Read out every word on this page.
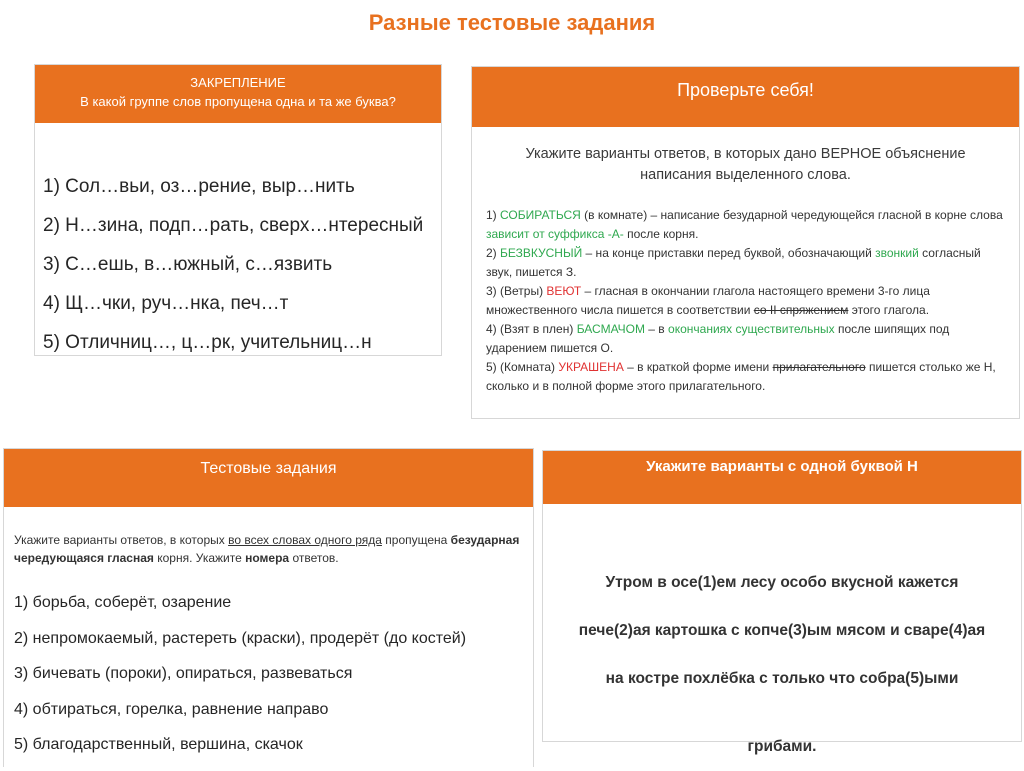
Разные тестовые задания
ЗАКРЕПЛЕНИЕ
В какой группе слов пропущена одна и та же буква?
1) Сол…вьи, оз…рение, выр…нить
2) Н…зина, подп…рать, сверх…нтересный
3) С…ешь, в…южный, с…язвить
4) Щ…чки, руч…нка, печ…т
5) Отличниц…, ц…рк, учительниц…н
Проверьте себя!

Укажите варианты ответов, в которых дано ВЕРНОЕ объяснение
написания выделенного слова.

1) СОБИРАТЬСЯ (в комнате) – написание безударной чередующейся гласной в корне слова зависит от суффикса -А- после корня.

2) БЕЗВКУСНЫЙ – на конце приставки перед буквой, обозначающий звонкий согласный звук, пишется З.

3) (Ветры) ВЕЮТ – гласная в окончании глагола настоящего времени 3-го лица множественного числа пишется в соответствии со II спряжением этого глагола.

4) (Взят в плен) БАСМАЧОМ – в окончаниях существительных после шипящих под ударением пишется О.

5) (Комната) УКРАШЕНА – в краткой форме имени прилагательного пишется столько же Н, сколько и в полной форме этого прилагательного.

Тестовые задания

Укажите варианты ответов, в которых во всех словах одного ряда пропущена безударная чередующаяся гласная корня. Укажите номера ответов.

1) борьба, соберёт, озарение
2) непромокаемый, растереть (краски), продерёт (до костей)
3) бичевать (пороки), опираться, развеваться
4) обтираться, горелка, равнение направо
5) благодарственный, вершина, скачок
Укажите варианты с одной буквой Н

Утром в осе(1)ем лесу особо вкусной кажется

пече(2)ая картошка с копче(3)ым мясом и сваре(4)ая

на костре похлёбка с только что собра(5)ыми

грибами.
